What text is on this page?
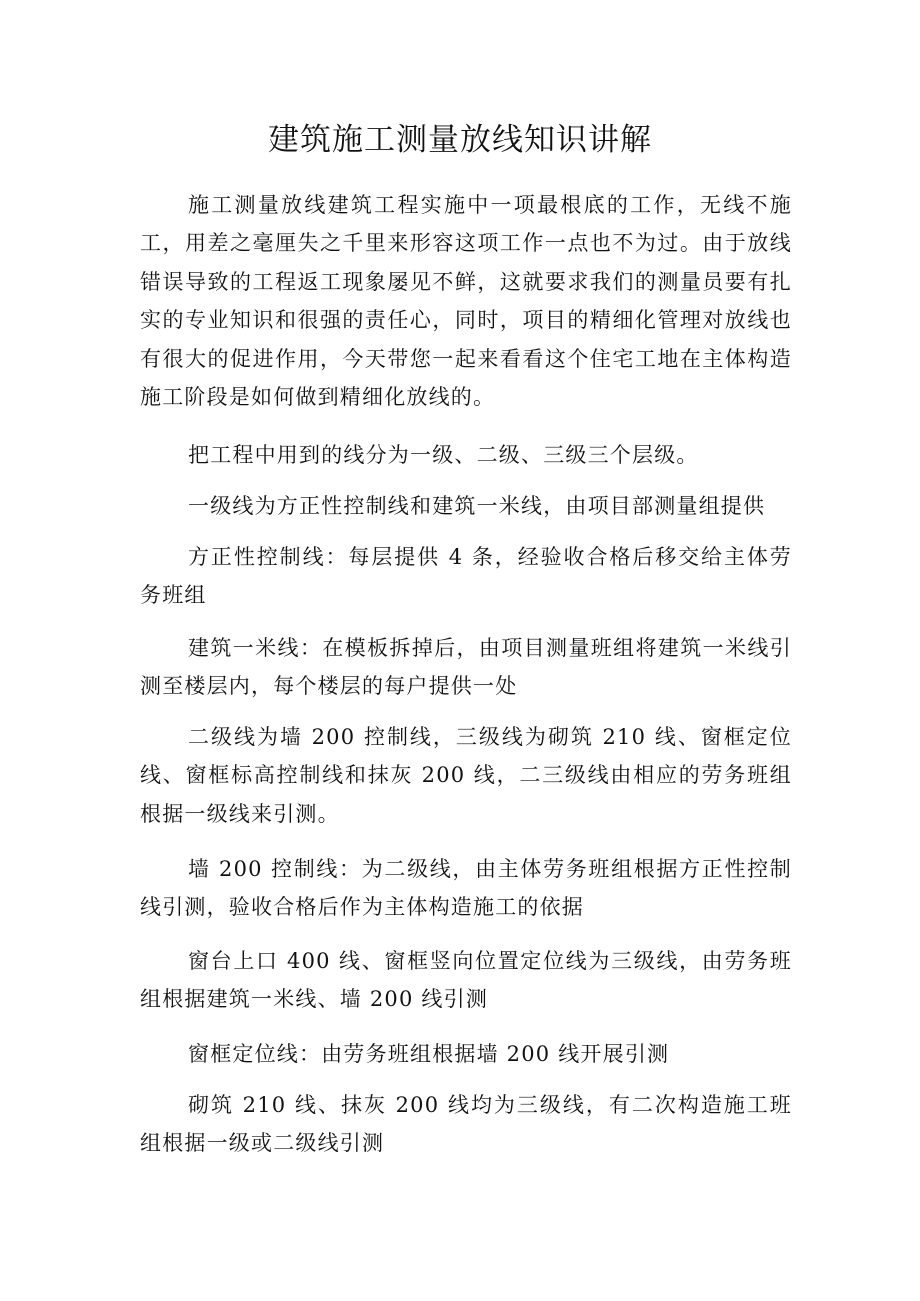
建筑施工测量放线知识讲解

施工测量放线建筑工程实施中一项最根底的工作，无线不施工，用差之毫厘失之千里来形容这项工作一点也不为过。由于放线错误导致的工程返工现象屡见不鲜，这就要求我们的测量员要有扎实的专业知识和很强的责任心，同时，项目的精细化管理对放线也有很大的促进作用，今天带您一起来看看这个住宅工地在主体构造施工阶段是如何做到精细化放线的。

把工程中用到的线分为一级、二级、三级三个层级。

一级线为方正性控制线和建筑一米线，由项目部测量组提供

方正性控制线：每层提供 4 条，经验收合格后移交给主体劳务班组

建筑一米线：在模板拆掉后，由项目测量班组将建筑一米线引测至楼层内，每个楼层的每户提供一处

二级线为墙 200 控制线，三级线为砌筑 210 线、窗框定位线、窗框标高控制线和抹灰 200 线，二三级线由相应的劳务班组根据一级线来引测。

墙 200 控制线：为二级线，由主体劳务班组根据方正性控制线引测，验收合格后作为主体构造施工的依据

窗台上口 400 线、窗框竖向位置定位线为三级线，由劳务班组根据建筑一米线、墙 200 线引测

窗框定位线：由劳务班组根据墙 200 线开展引测

砌筑 210 线、抹灰 200 线均为三级线，有二次构造施工班组根据一级或二级线引测
